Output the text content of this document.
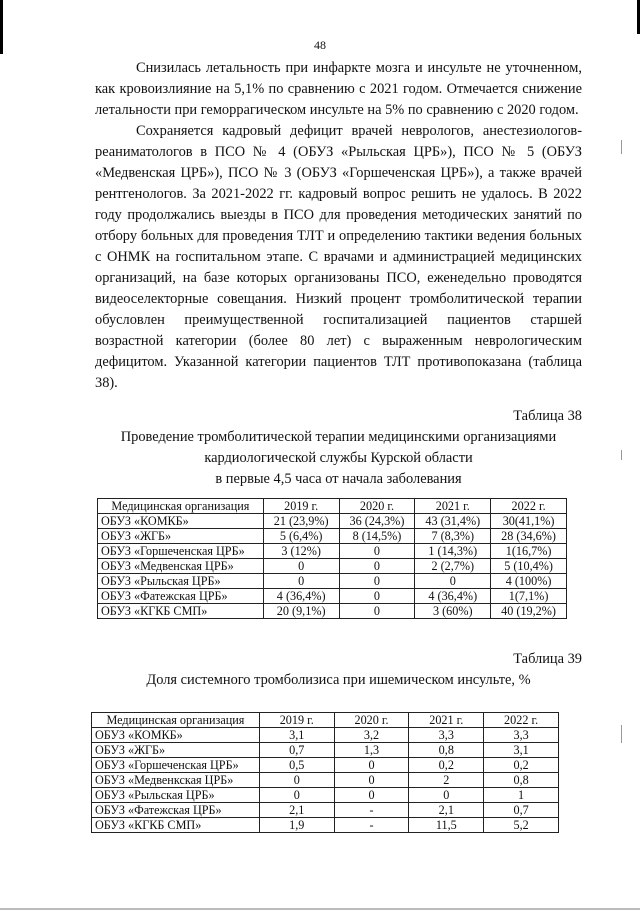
48

Снизилась летальность при инфаркте мозга и инсульте не уточненном, как кровоизлияние на 5,1% по сравнению с 2021 годом. Отмечается снижение летальности при геморрагическом инсульте на 5% по сравнению с 2020 годом.

Сохраняется кадровый дефицит врачей неврологов, анестезиологов-реаниматологов в ПСО № 4 (ОБУЗ «Рыльская ЦРБ»), ПСО № 5 (ОБУЗ «Медвенская ЦРБ»), ПСО № 3 (ОБУЗ «Горшеченская ЦРБ»), а также врачей рентгенологов. За 2021-2022 гг. кадровый вопрос решить не удалось. В 2022 году продолжались выезды в ПСО для проведения методических занятий по отбору больных для проведения ТЛТ и определению тактики ведения больных с ОНМК на госпитальном этапе. С врачами и администрацией медицинских организаций, на базе которых организованы ПСО, еженедельно проводятся видеоселекторные совещания. Низкий процент тромболитической терапии обусловлен преимущественной госпитализацией пациентов старшей возрастной категории (более 80 лет) с выраженным неврологическим дефицитом. Указанной категории пациентов ТЛТ противопоказана (таблица 38).

Таблица 38
Проведение тромболитической терапии медицинскими организациями
кардиологической службы Курской области
в первые 4,5 часа от начала заболевания
Медицинская организация	2019 г.	2020 г.	2021 г.	2022 г.
ОБУЗ «КОМКБ»	21 (23,9%)	36 (24,3%)	43 (31,4%)	30(41,1%)
ОБУЗ «ЖГБ»	5 (6,4%)	8 (14,5%)	7 (8,3%)	28 (34,6%)
ОБУЗ «Горшеченская ЦРБ»	3 (12%)	0	1 (14,3%)	1(16,7%)
ОБУЗ «Медвенская ЦРБ»	0	0	2 (2,7%)	5 (10,4%)
ОБУЗ «Рыльская ЦРБ»	0	0	0	4 (100%)
ОБУЗ «Фатежская ЦРБ»	4 (36,4%)	0	4 (36,4%)	1(7,1%)
ОБУЗ «КГКБ СМП»	20 (9,1%)	0	3 (60%)	40 (19,2%)
Таблица 39
Доля системного тромболизиса при ишемическом инсульте, %
Медицинская организация	2019 г.	2020 г.	2021 г.	2022 г.
ОБУЗ «КОМКБ»	3,1	3,2	3,3	3,3
ОБУЗ «ЖГБ»	0,7	1,3	0,8	3,1
ОБУЗ «Горшеченская ЦРБ»	0,5	0	0,2	0,2
ОБУЗ «Медвенкская ЦРБ»	0	0	2	0,8
ОБУЗ «Рыльская ЦРБ»	0	0	0	1
ОБУЗ «Фатежская ЦРБ»	2,1	-	2,1	0,7
ОБУЗ «КГКБ СМП»	1,9	-	11,5	5,2
